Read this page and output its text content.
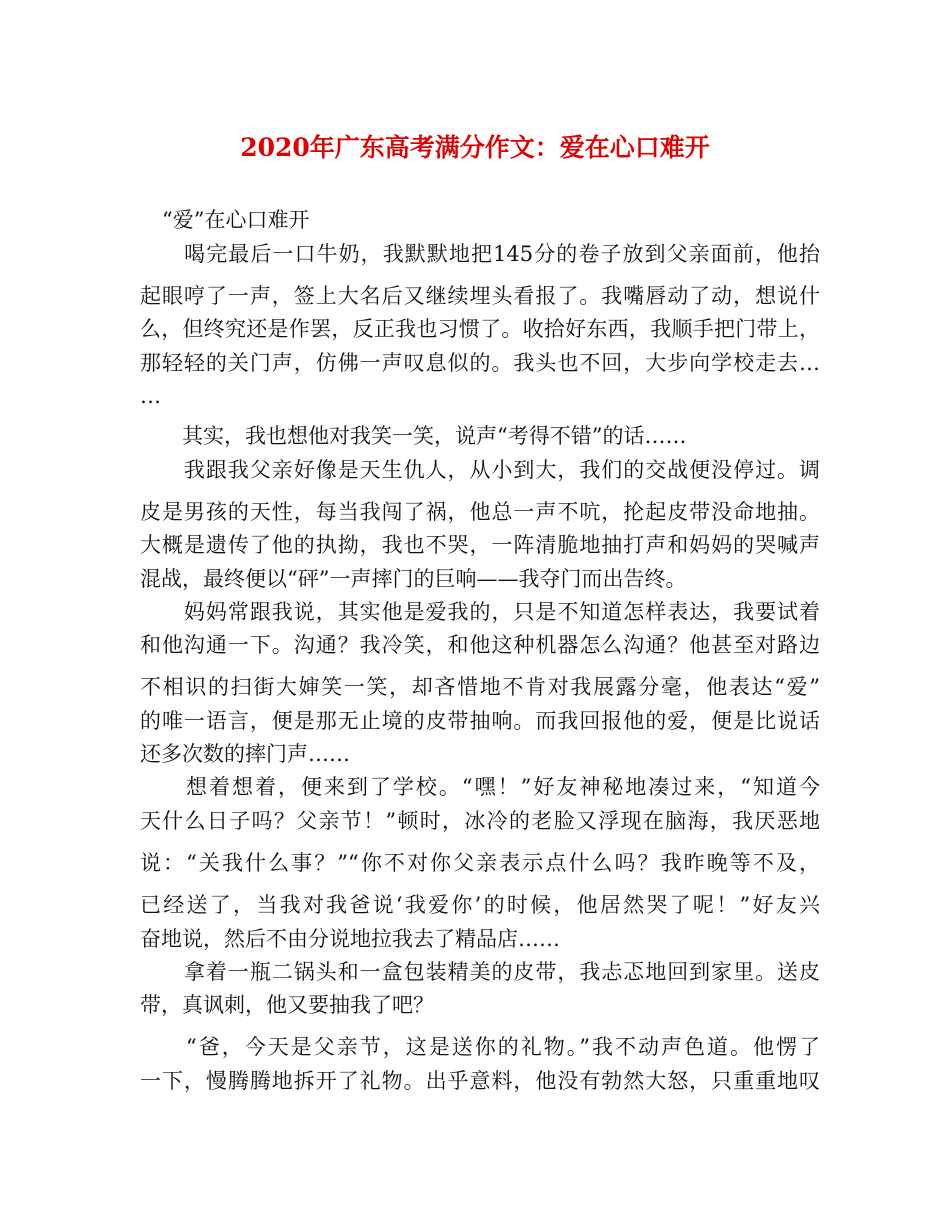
2020年广东高考满分作文：爱在心口难开

“爱”在心口难开

　　喝完最后一口牛奶，我默默地把145分的卷子放到父亲面前，他抬

起眼哼了一声，签上大名后又继续埋头看报了。我嘴唇动了动，想说什

么，但终究还是作罢，反正我也习惯了。收拾好东西，我顺手把门带上，

那轻轻的关门声，仿佛一声叹息似的。我头也不回，大步向学校走去…

…

　　其实，我也想他对我笑一笑，说声“考得不错”的话……

　　我跟我父亲好像是天生仇人，从小到大，我们的交战便没停过。调

皮是男孩的天性，每当我闯了祸，他总一声不吭，抡起皮带没命地抽。

大概是遗传了他的执拗，我也不哭，一阵清脆地抽打声和妈妈的哭喊声

混战，最终便以“砰”一声摔门的巨响——我夺门而出告终。

　　妈妈常跟我说，其实他是爱我的，只是不知道怎样表达，我要试着

和他沟通一下。沟通？我冷笑，和他这种机器怎么沟通？他甚至对路边

不相识的扫街大婶笑一笑，却吝惜地不肯对我展露分毫，他表达“爱”

的唯一语言，便是那无止境的皮带抽响。而我回报他的爱，便是比说话

还多次数的摔门声……

　　想着想着，便来到了学校。“嘿！”好友神秘地凑过来，“知道今

天什么日子吗？父亲节！”顿时，冰冷的老脸又浮现在脑海，我厌恶地

说：“关我什么事？”“你不对你父亲表示点什么吗？我昨晚等不及，

已经送了，当我对我爸说‘我爱你’的时候，他居然哭了呢！”好友兴

奋地说，然后不由分说地拉我去了精品店……

　　拿着一瓶二锅头和一盒包装精美的皮带，我忐忑地回到家里。送皮

带，真讽刺，他又要抽我了吧？

　　“爸，今天是父亲节，这是送你的礼物。”我不动声色道。他愣了

一下，慢腾腾地拆开了礼物。出乎意料，他没有勃然大怒，只重重地叹
